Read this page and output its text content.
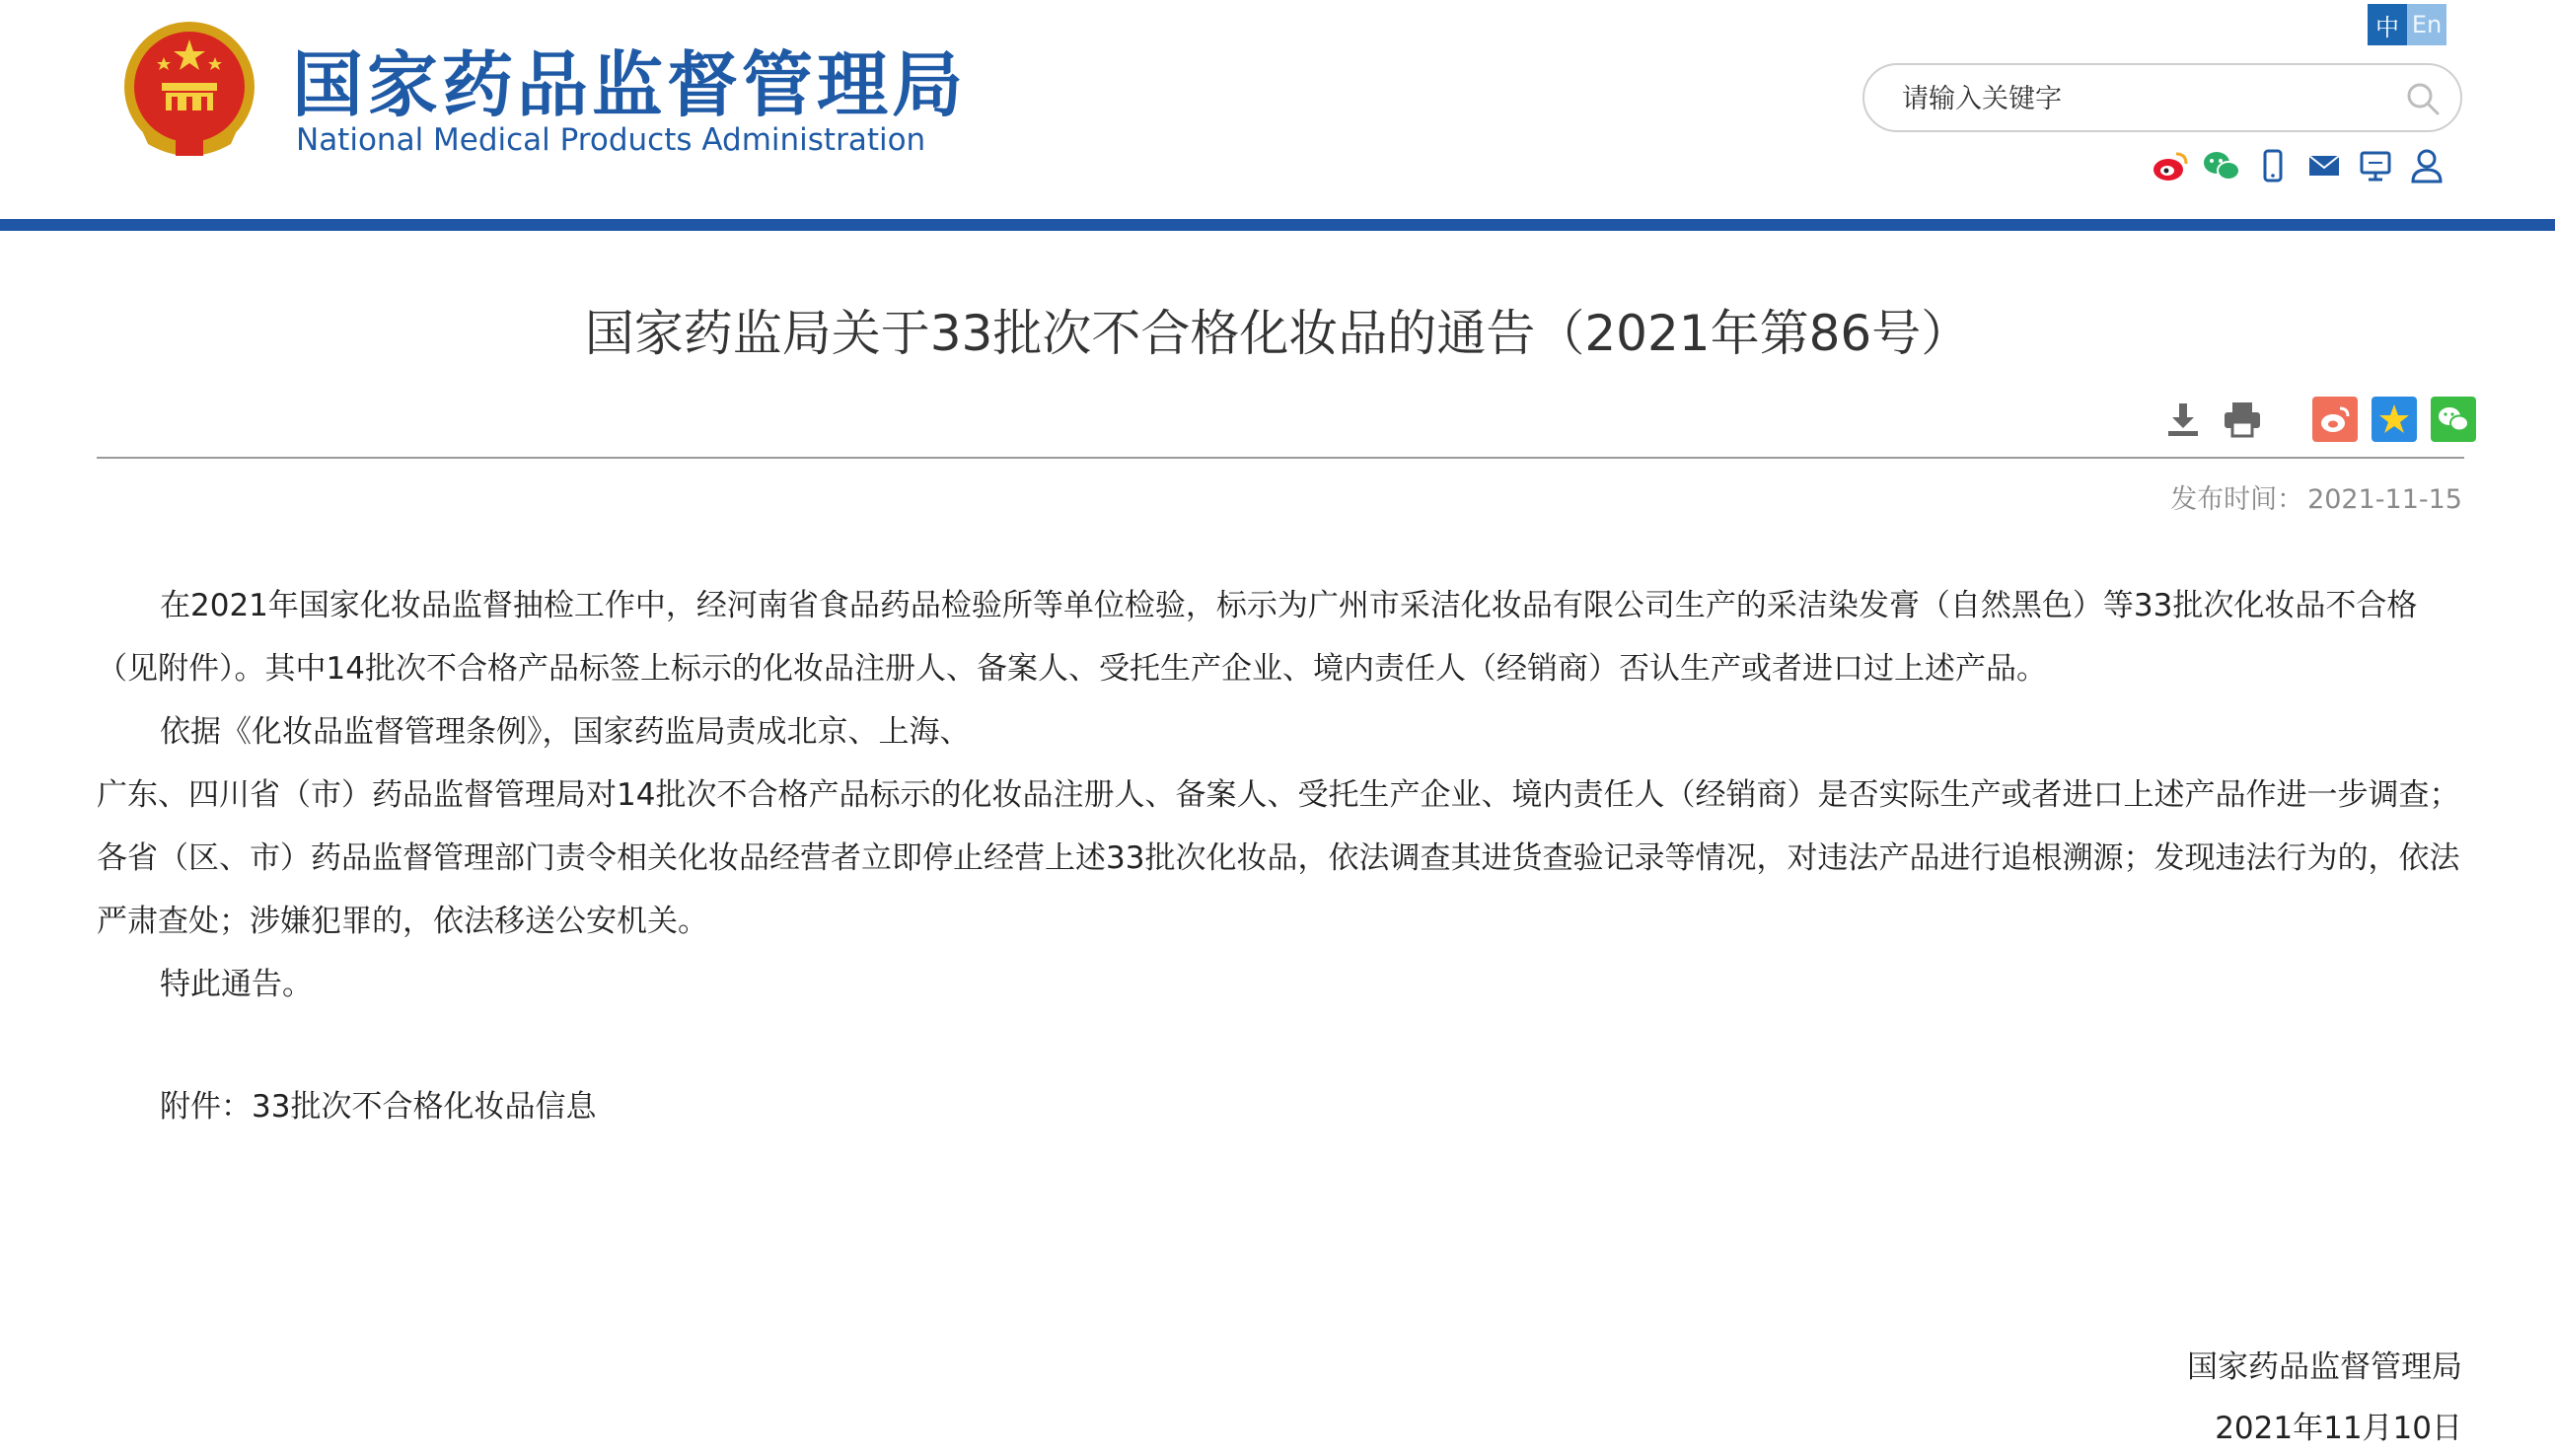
国家药品监督管理局
National Medical Products Administration
中 En
请输入关键字
国家药监局关于33批次不合格化妆品的通告（2021年第86号）
发布时间： 2021-11-15

在2021年国家化妆品监督抽检工作中，经河南省食品药品检验所等单位检验，标示为广州市采洁化妆品有限公司生产的采洁染发膏（自然黑色）等33批次化妆品不合格（见附件）。其中14批次不合格产品标签上标示的化妆品注册人、备案人、受托生产企业、境内责任人（经销商）否认生产或者进口过上述产品。

依据《化妆品监督管理条例》，国家药监局责成北京、上海、

广东、四川省（市）药品监督管理局对14批次不合格产品标示的化妆品注册人、备案人、受托生产企业、境内责任人（经销商）是否实际生产或者进口上述产品作进一步调查；各省（区、市）药品监督管理部门责令相关化妆品经营者立即停止经营上述33批次化妆品，依法调查其进货查验记录等情况，对违法产品进行追根溯源；发现违法行为的，依法严肃查处；涉嫌犯罪的，依法移送公安机关。

特此通告。

附件：33批次不合格化妆品信息
国家药品监督管理局
2021年11月10日
